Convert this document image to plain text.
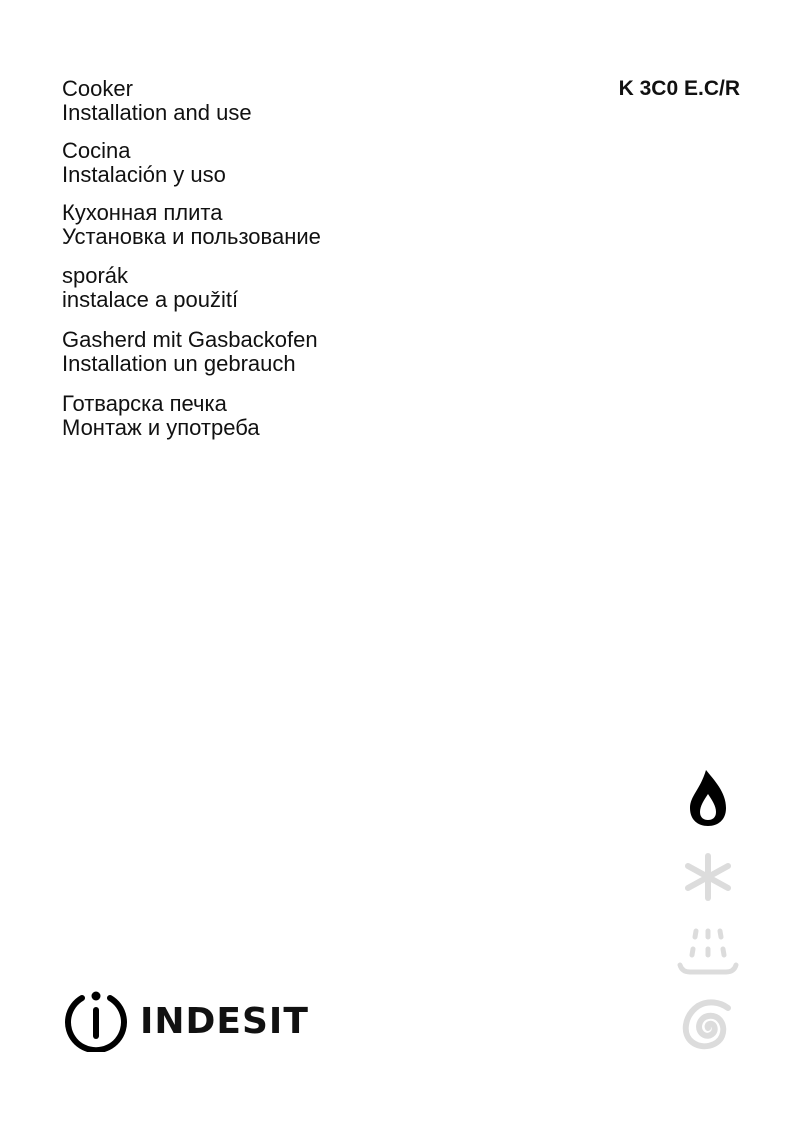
K 3C0 E.C/R
Cooker
Installation and use
Cocina
Instalación y uso
Кухонная плита
Установка и пользование
sporák
instalace a použití
Gasherd mit Gasbackofen
Installation un gebrauch
Готварска печка
Монтаж и употреба
INDESIT
